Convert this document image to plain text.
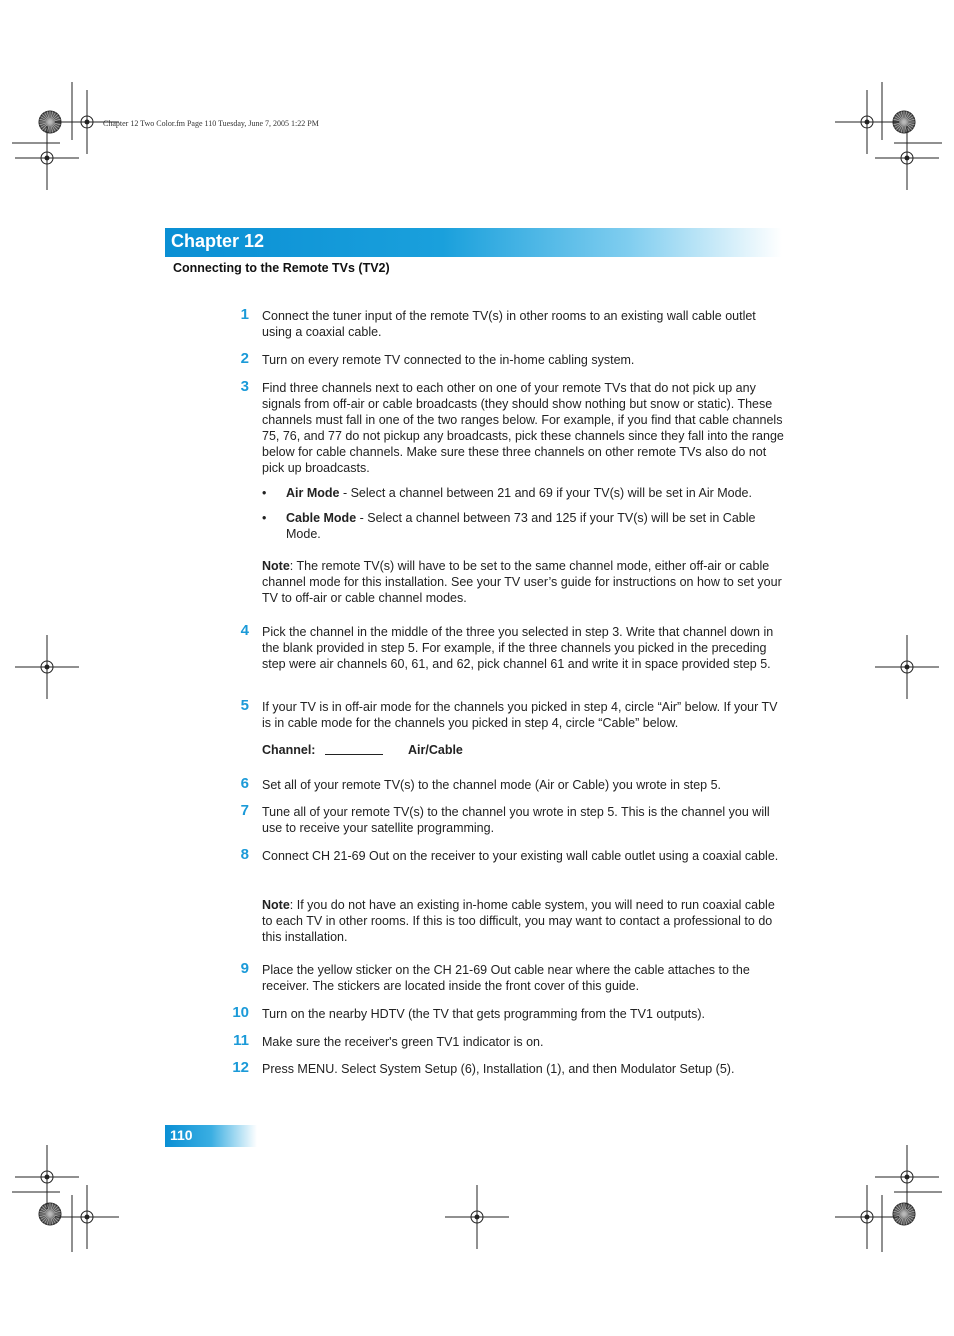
Chapter 12 Two Color.fm Page 110 Tuesday, June 7, 2005 1:22 PM
Chapter 12
Connecting to the Remote TVs (TV2)
1 Connect the tuner input of the remote TV(s) in other rooms to an existing wall cable outlet using a coaxial cable.
2 Turn on every remote TV connected to the in-home cabling system.
3 Find three channels next to each other on one of your remote TVs that do not pick up any signals from off-air or cable broadcasts (they should show nothing but snow or static). These channels must fall in one of the two ranges below. For example, if you find that cable channels 75, 76, and 77 do not pickup any broadcasts, pick these channels since they fall into the range below for cable channels. Make sure these three channels on other remote TVs also do not pick up broadcasts.
• Air Mode - Select a channel between 21 and 69 if your TV(s) will be set in Air Mode.
• Cable Mode - Select a channel between 73 and 125 if your TV(s) will be set in Cable Mode.
Note: The remote TV(s) will have to be set to the same channel mode, either off-air or cable channel mode for this installation. See your TV user’s guide for instructions on how to set your TV to off-air or cable channel modes.
4 Pick the channel in the middle of the three you selected in step 3. Write that channel down in the blank provided in step 5. For example, if the three channels you picked in the preceding step were air channels 60, 61, and 62, pick channel 61 and write it in space provided step 5.
5 If your TV is in off-air mode for the channels you picked in step 4, circle “Air” below. If your TV is in cable mode for the channels you picked in step 4, circle “Cable” below.
Channel:	Air/Cable
6 Set all of your remote TV(s) to the channel mode (Air or Cable) you wrote in step 5.
7 Tune all of your remote TV(s) to the channel you wrote in step 5. This is the channel you will use to receive your satellite programming.
8 Connect CH 21-69 Out on the receiver to your existing wall cable outlet using a coaxial cable.
Note: If you do not have an existing in-home cable system, you will need to run coaxial cable to each TV in other rooms. If this is too difficult, you may want to contact a professional to do this installation.
9 Place the yellow sticker on the CH 21-69 Out cable near where the cable attaches to the receiver. The stickers are located inside the front cover of this guide.
10 Turn on the nearby HDTV (the TV that gets programming from the TV1 outputs).
11 Make sure the receiver's green TV1 indicator is on.
12 Press MENU. Select System Setup (6), Installation (1), and then Modulator Setup (5).
110
